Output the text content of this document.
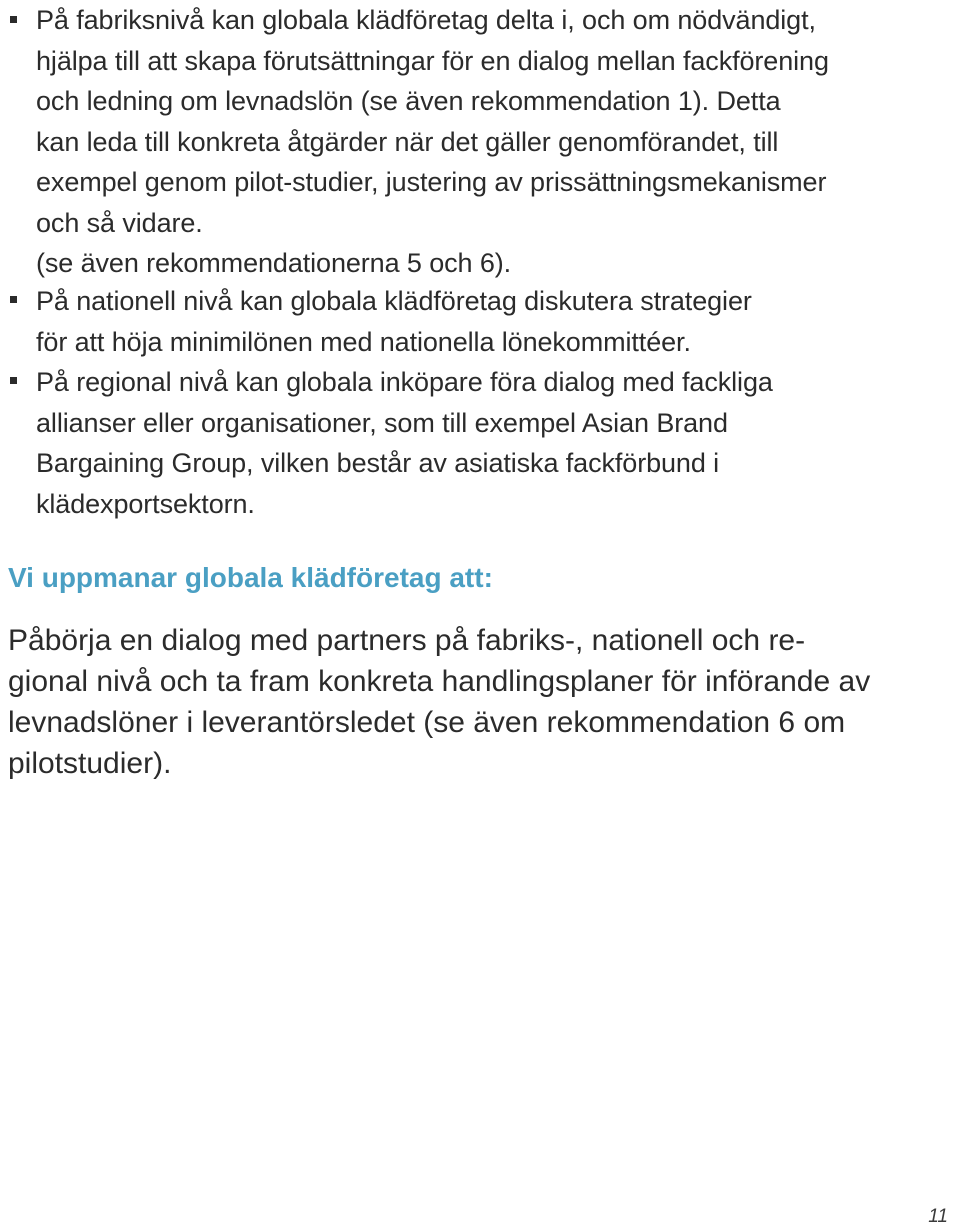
På fabriksnivå kan globala klädföretag delta i, och om nödvändigt,
hjälpa till att skapa förutsättningar för en dialog mellan fackförening
och ledning om levnadslön (se även rekommendation 1). Detta
kan leda till konkreta åtgärder när det gäller genomförandet, till
exempel genom pilot-studier, justering av prissättningsmekanismer
och så vidare.
(se även rekommendationerna 5 och 6).
På nationell nivå kan globala klädföretag diskutera strategier
för att höja minimilönen med nationella lönekommittéer.
På regional nivå kan globala inköpare föra dialog med fackliga
allianser eller organisationer, som till exempel Asian Brand
Bargaining Group, vilken består av asiatiska fackförbund i
klädexportsektorn.
Vi uppmanar globala klädföretag att:
Påbörja en dialog med partners på fabriks-, nationell och re-
gional nivå och ta fram konkreta handlingsplaner för införande av
levnadslöner i leverantörsledet (se även rekommendation 6 om
pilotstudier).
11
